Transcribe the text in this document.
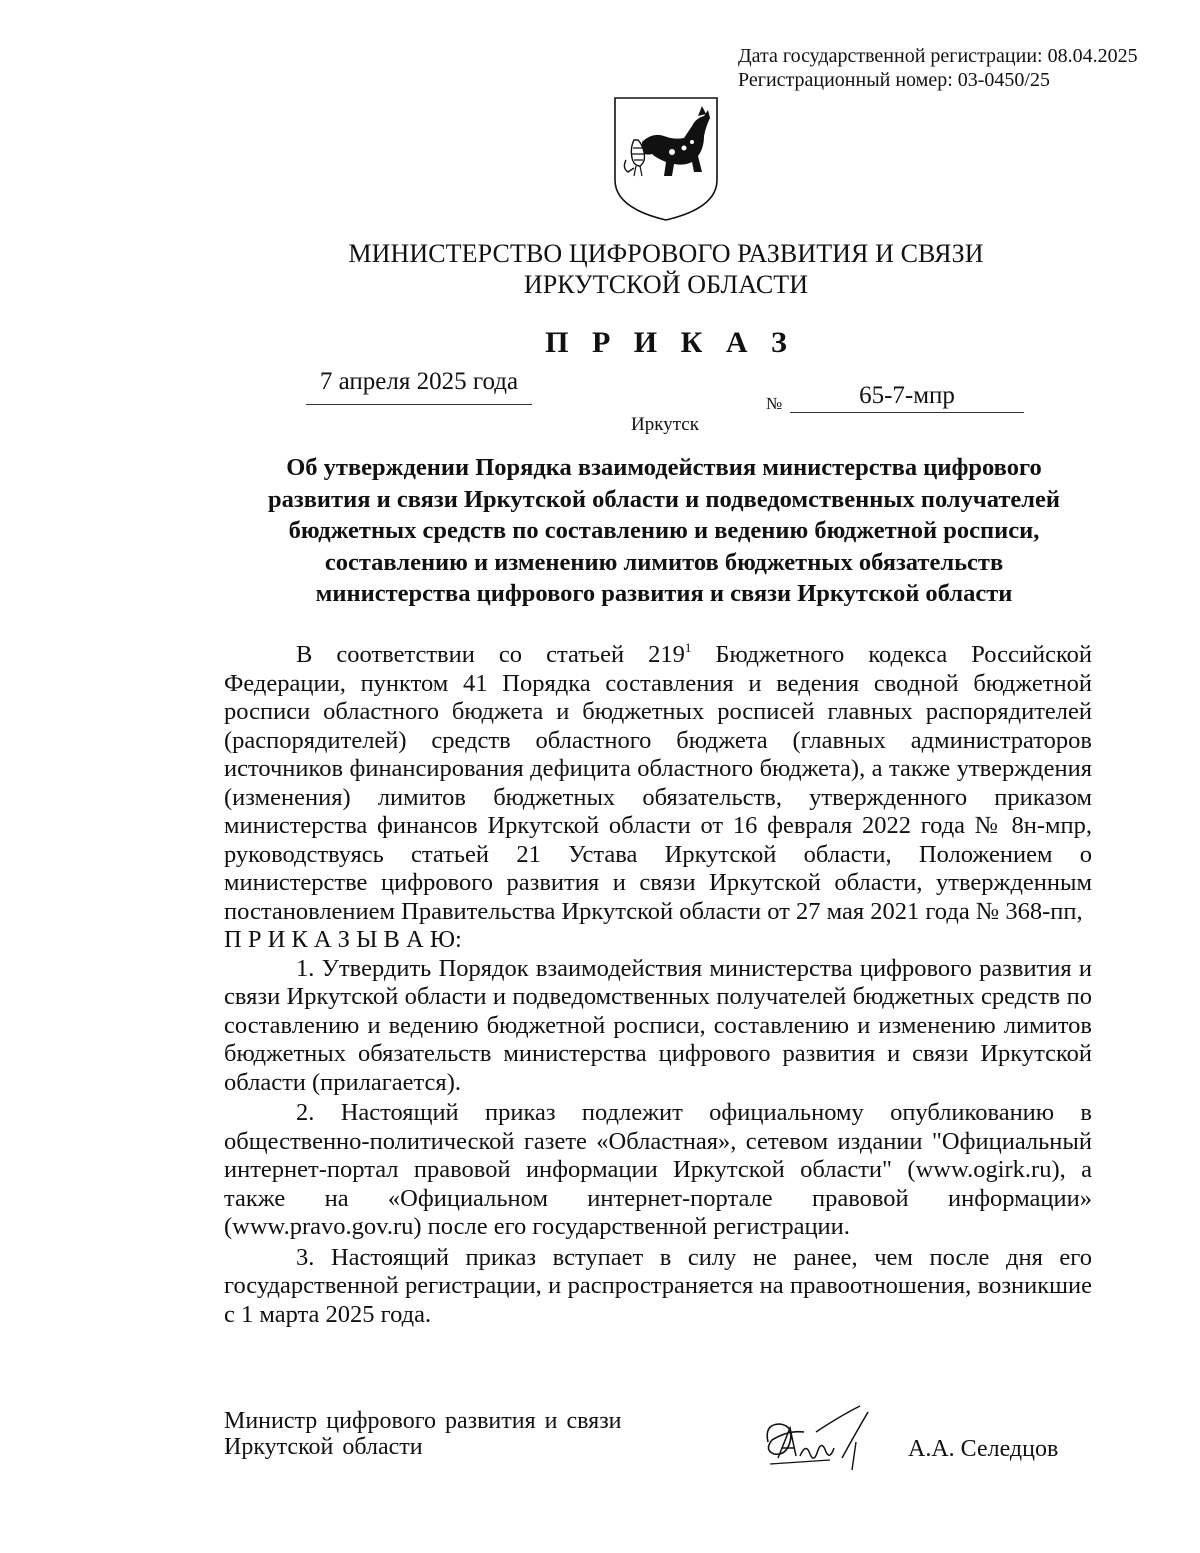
Дата государственной регистрации: 08.04.2025
Регистрационный номер: 03-0450/25
МИНИСТЕРСТВО ЦИФРОВОГО РАЗВИТИЯ И СВЯЗИ
ИРКУТСКОЙ ОБЛАСТИ
П Р И К А З
7 апреля 2025 года
№	65-7-мпр
Иркутск
Об утверждении Порядка взаимодействия министерства цифрового
развития и связи Иркутской области и подведомственных получателей
бюджетных средств по составлению и ведению бюджетной росписи,
составлению и изменению лимитов бюджетных обязательств
министерства цифрового развития и связи Иркутской области

В соответствии со статьей $219^1$ Бюджетного кодекса Российской Федерации, пунктом 41 Порядка составления и ведения сводной бюджетной росписи областного бюджета и бюджетных росписей главных распорядителей (распорядителей) средств областного бюджета (главных администраторов источников финансирования дефицита областного бюджета), а также утверждения (изменения) лимитов бюджетных обязательств, утвержденного приказом министерства финансов Иркутской области от 16 февраля 2022 года № 8н-мпр, руководствуясь статьей 21 Устава Иркутской области, Положением о министерстве цифрового развития и связи Иркутской области, утвержденным постановлением Правительства Иркутской области от 27 мая 2021 года № 368-пп,

П Р И К А З Ы В А Ю:

1. Утвердить Порядок взаимодействия министерства цифрового развития и связи Иркутской области и подведомственных получателей бюджетных средств по составлению и ведению бюджетной росписи, составлению и изменению лимитов бюджетных обязательств министерства цифрового развития и связи Иркутской области (прилагается).

2. Настоящий приказ подлежит официальному опубликованию в общественно-политической газете «Областная», сетевом издании "Официальный интернет-портал правовой информации Иркутской области" (www.ogirk.ru), а также на «Официальном интернет-портале правовой информации» (www.pravo.gov.ru) после его государственной регистрации.

3. Настоящий приказ вступает в силу не ранее, чем после дня его государственной регистрации, и распространяется на правоотношения, возникшие с 1 марта 2025 года.

Министр цифрового развития и связи
Иркутской области	А.А. Селедцов
